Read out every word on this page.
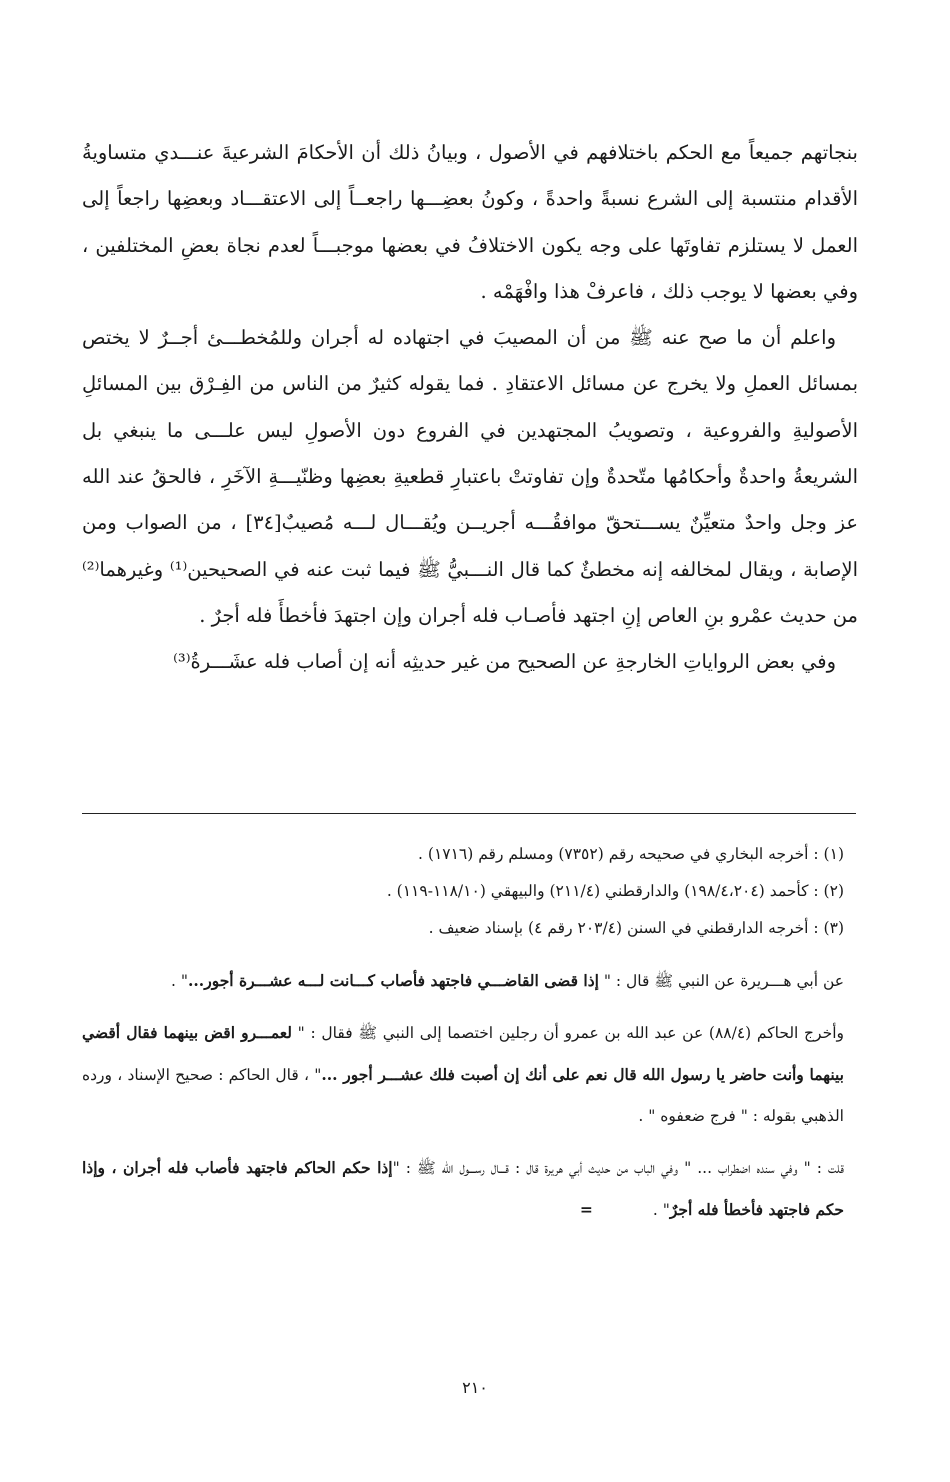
بنجاتهم جميعاً مع الحكم باختلافهم في الأصول ، وبيانُ ذلك أن الأحكامَ الشرعيةَ عنـــدي متساويةُ الأقدام منتسبة إلى الشرع نسبةً واحدةً ، وكونُ بعضِـــها راجعــاً إلى الاعتقـــاد وبعضِها راجعاً إلى العمل لا يستلزم تفاوتَها على وجه يكون الاختلافُ في بعضها موجبـــاً لعدم نجاة بعضِ المختلفين ، وفي بعضها لا يوجب ذلك ، فاعرفْ هذا وافْهَمْه .

واعلم أن ما صح عنه ﷺ من أن المصيبَ في اجتهاده له أجران وللمُخطـــئ أجــرٌ لا يختص بمسائل العملِ ولا يخرج عن مسائل الاعتقادِ . فما يقوله كثيرٌ من الناس من الفِـرْق بين المسائلِ الأصوليةِ والفروعية ، وتصويبُ المجتهدين في الفروع دون الأصولِ ليس علـــى ما ينبغي بل الشريعةُ واحدةٌ وأحكامُها متّحدةٌ وإن تفاوتتْ باعتبارِ قطعيةِ بعضِها وظنّيـــةِ الآخَرِ ، فالحقُ عند الله عز وجل واحدٌ متعيِّنٌ يســـتحقّ موافقُـــه أجريــن ويُقـــال لـــه مُصيبٌ[٣٤] ، من الصواب ومن الإصابة ، ويقال لمخالفه إنه مخطئٌ كما قال النـــبيُّ ﷺ فيما ثبت عنه في الصحيحين⁽¹⁾ وغيرهما⁽²⁾ من حديث عمْرو بنِ العاص إنِ اجتهد فأصـاب فله أجران وإن اجتهدَ فأخطأَ فله أجرٌ .

وفي بعض الرواياتِ الخارجةِ عن الصحيح من غير حديثِه أنه إن أصاب فله عشَـــرةُ⁽³⁾

(١) : أخرجه البخاري في صحيحه رقم (٧٣٥٢) ومسلم رقم (١٧١٦) .

(٢) : كأحمد (١٩٨/٤،٢٠٤) والدارقطني (٢١١/٤) والبيهقي (١١٨/١٠-١١٩) .

(٣) : أخرجه الدارقطني في السنن (٢٠٣/٤ رقم ٤) بإسناد ضعيف .

عن أبي هـــريرة عن النبي ﷺ قال : " إذا قضى القاضـــي فاجتهد فأصاب كـــانت لـــه عشـــرة أجور..." .

وأخرج الحاكم (٨٨/٤) عن عبد الله بن عمرو أن رجلين اختصما إلى النبي ﷺ فقال : " لعمـــرو اقض بينهما فقال أقضي بينهما وأنت حاضر يا رسول الله قال نعم على أنك إن أصبت فلك عشـــر أجور ..." ، قال الحاكم : صحيح الإسناد ، ورده الذهبي بقوله : " فرج ضعفوه " .

قلت : " وفي سنده اضطراب ... " وفي الباب من حديث أبي هريرة قال : قـــال رســـول الله ﷺ : "إذا حكم الحاكم فاجتهد فأصاب فله أجران ، وإذا حكم فاجتهد فأخطأ فله أجرٌ" .=

٢١٠
